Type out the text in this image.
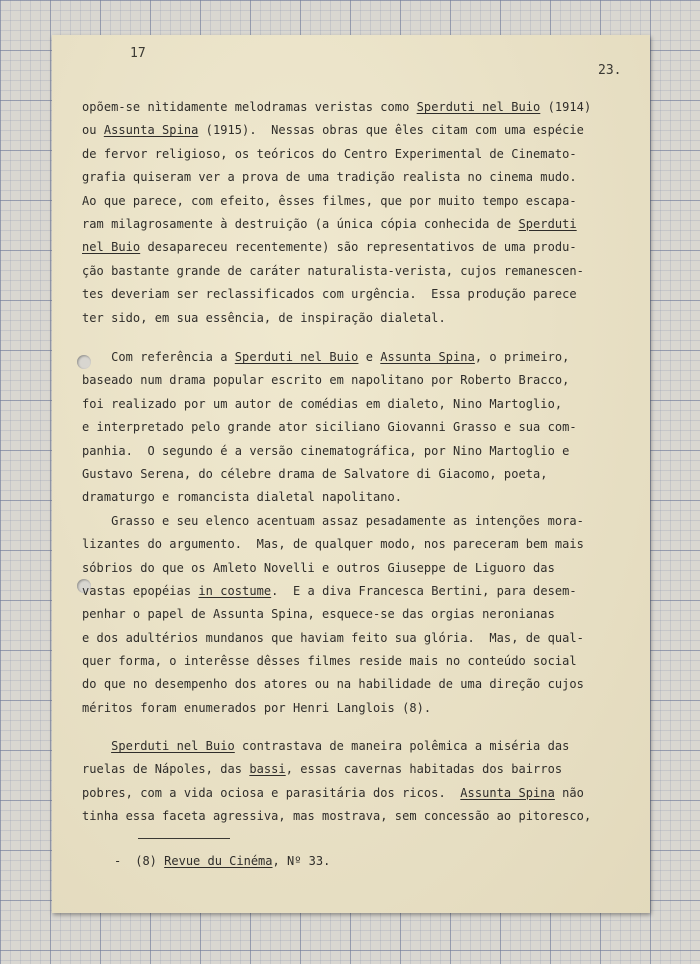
17
23.
- (8) Revue du Cinéma, Nº 33.
opõem-se nìtidamente melodramas veristas como Sperduti nel Buio (1914)
ou Assunta Spina (1915).  Nessas obras que êles citam com uma espécie
de fervor religioso, os teóricos do Centro Experimental de Cinemato-
grafia quiseram ver a prova de uma tradição realista no cinema mudo.
Ao que parece, com efeito, êsses filmes, que por muito tempo escapa-
ram milagrosamente à destruição (a única cópia conhecida de Sperduti
nel Buio desapareceu recentemente) são representativos de uma produ-
ção bastante grande de caráter naturalista-verista, cujos remanescen-
tes deveriam ser reclassificados com urgência.  Essa produção parece
ter sido, em sua essência, de inspiração dialetal.
Com referência a Sperduti nel Buio e Assunta Spina, o primeiro,
baseado num drama popular escrito em napolitano por Roberto Bracco,
foi realizado por um autor de comédias em dialeto, Nino Martoglio,
e interpretado pelo grande ator siciliano Giovanni Grasso e sua com-
panhia.  O segundo é a versão cinematográfica, por Nino Martoglio e
Gustavo Serena, do célebre drama de Salvatore di Giacomo, poeta,
dramaturgo e romancista dialetal napolitano.
Grasso e seu elenco acentuam assaz pesadamente as intenções mora-
lizantes do argumento.  Mas, de qualquer modo, nos pareceram bem mais
sóbrios do que os Amleto Novelli e outros Giuseppe de Liguoro das
vastas epopéias in costume.  E a diva Francesca Bertini, para desem-
penhar o papel de Assunta Spina, esquece-se das orgias neronianas
e dos adultérios mundanos que haviam feito sua glória.  Mas, de qual-
quer forma, o interêsse dêsses filmes reside mais no conteúdo social
do que no desempenho dos atores ou na habilidade de uma direção cujos
méritos foram enumerados por Henri Langlois (8).
Sperduti nel Buio contrastava de maneira polêmica a miséria das
ruelas de Nápoles, das bassi, essas cavernas habitadas dos bairros
pobres, com a vida ociosa e parasitária dos ricos.  Assunta Spina não
tinha essa faceta agressiva, mas mostrava, sem concessão ao pitoresco,
